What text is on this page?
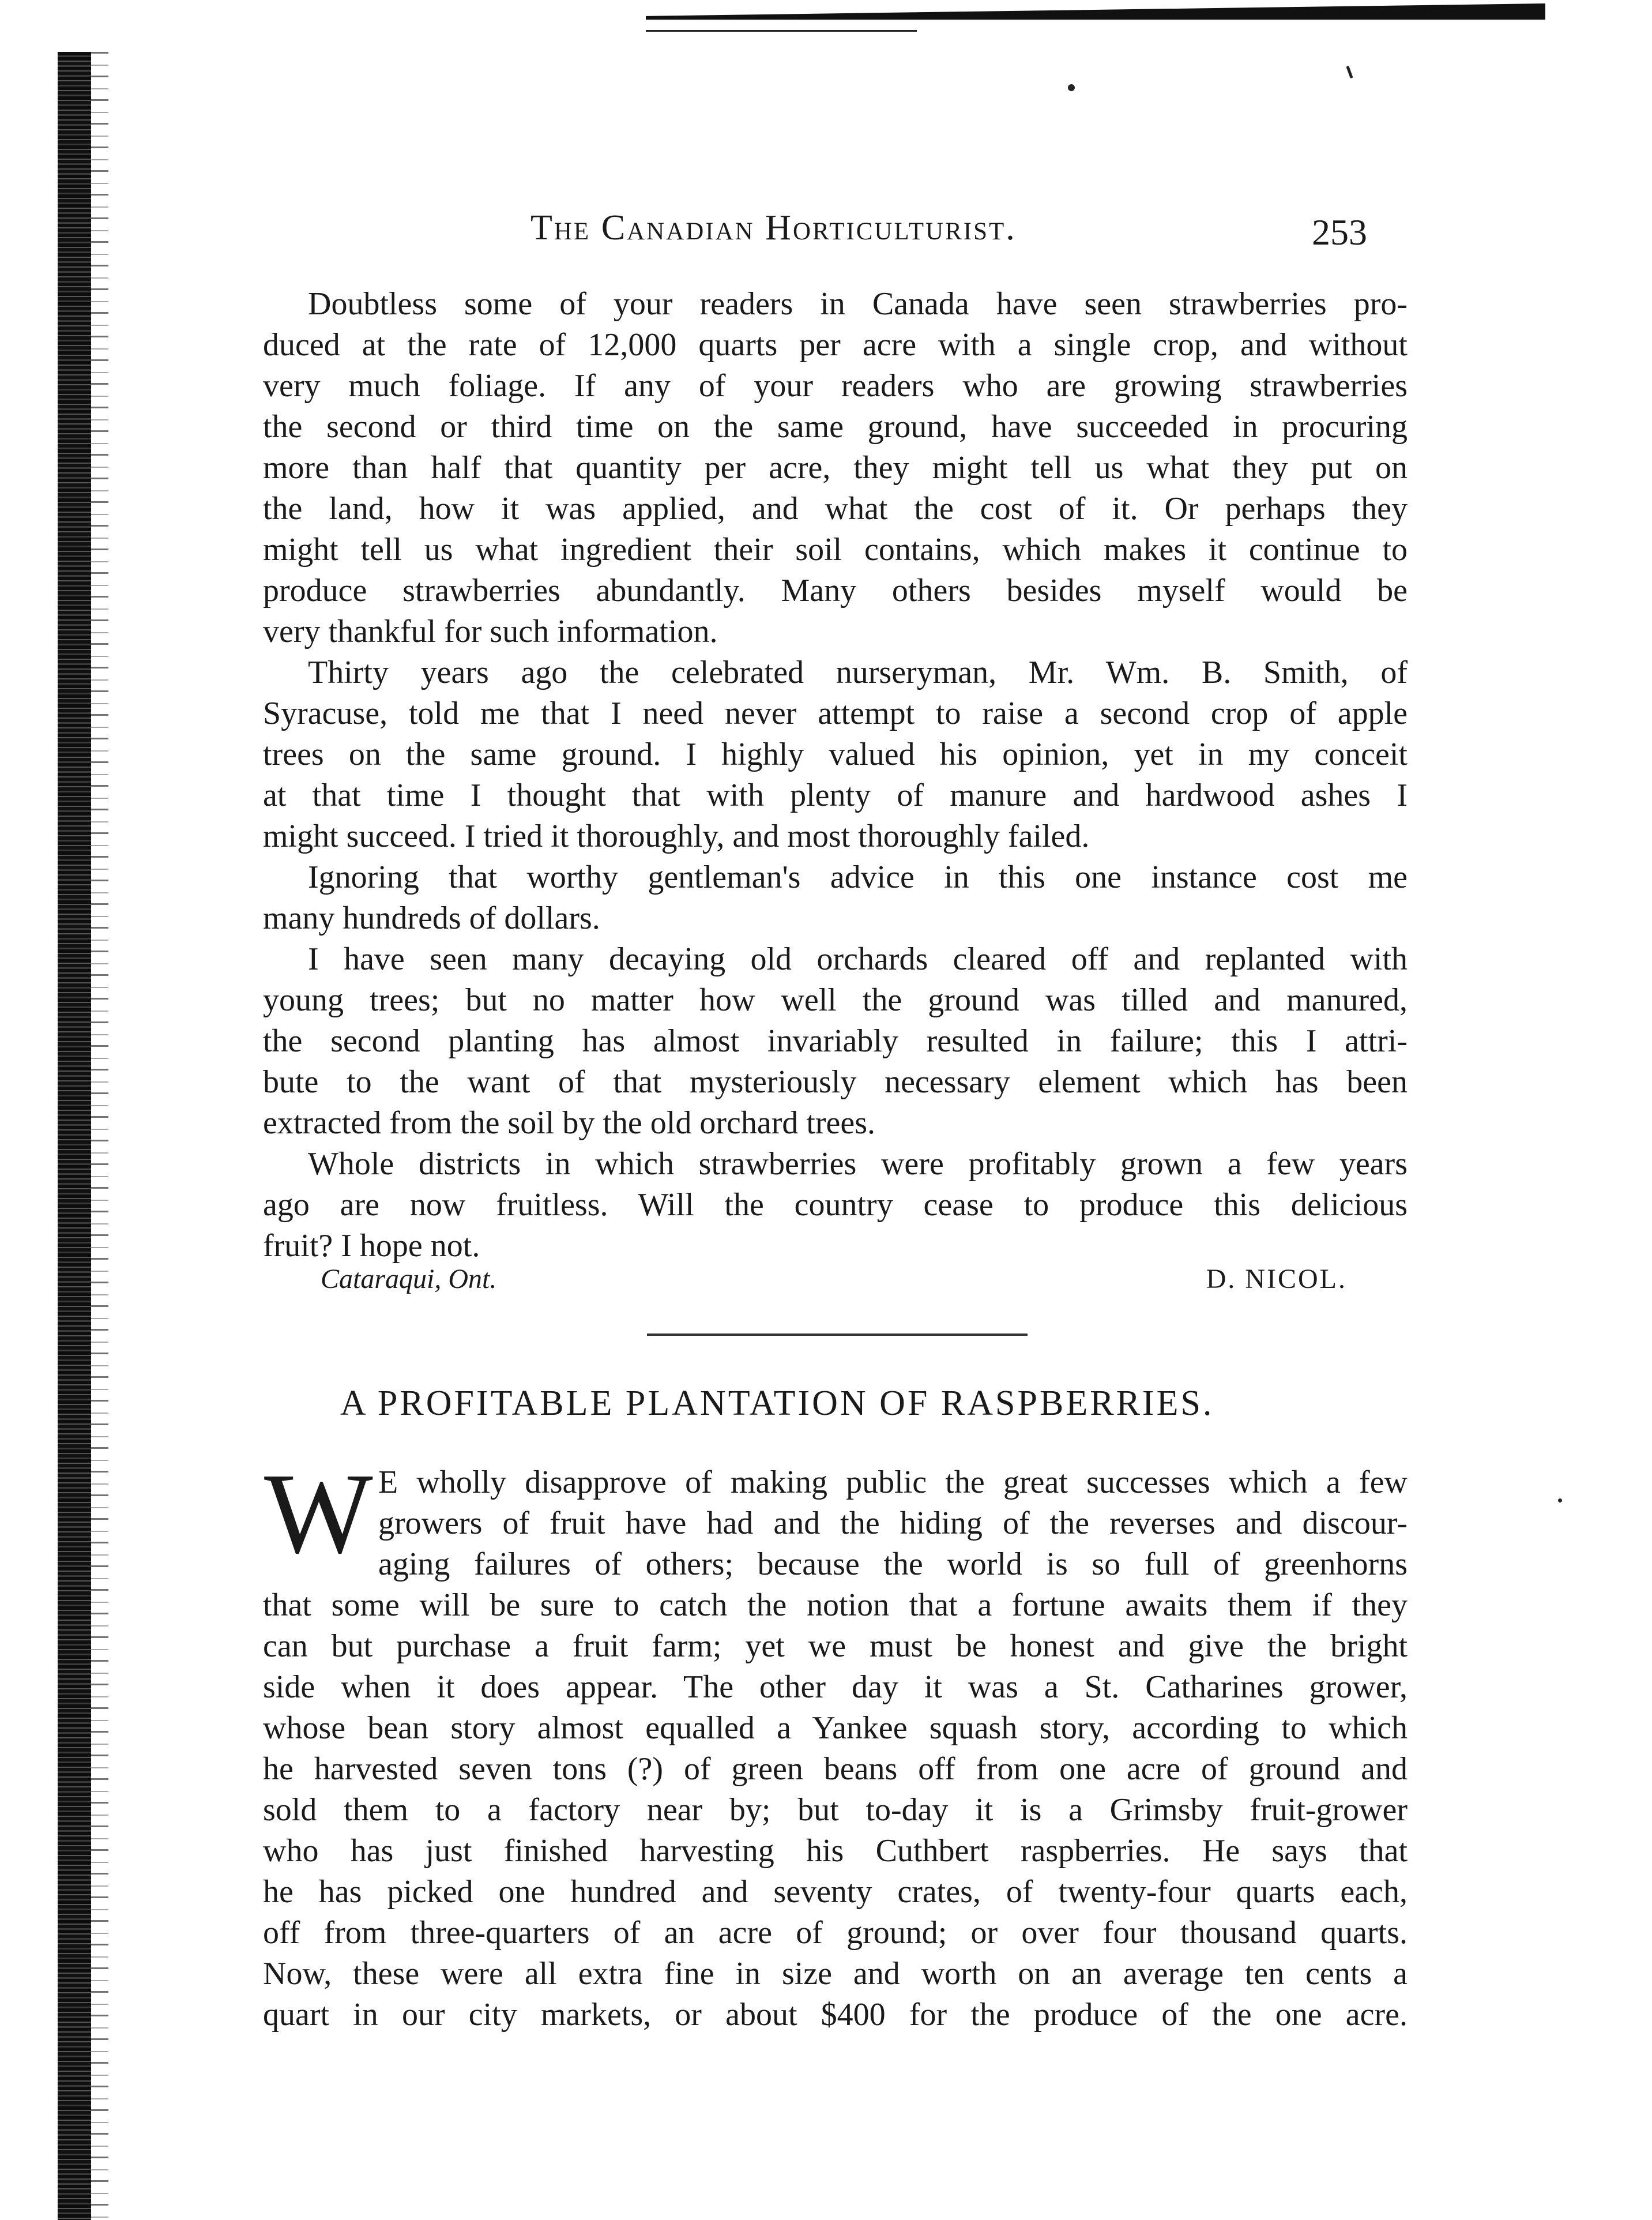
The Canadian Horticulturist.	253
Doubtless some of your readers in Canada have seen strawberries pro-
duced at the rate of 12,000 quarts per acre with a single crop, and without
very much foliage. If any of your readers who are growing strawberries
the second or third time on the same ground, have succeeded in procuring
more than half that quantity per acre, they might tell us what they put on
the land, how it was applied, and what the cost of it. Or perhaps they
might tell us what ingredient their soil contains, which makes it continue to
produce strawberries abundantly. Many others besides myself would be
very thankful for such information.
Thirty years ago the celebrated nurseryman, Mr. Wm. B. Smith, of
Syracuse, told me that I need never attempt to raise a second crop of apple
trees on the same ground. I highly valued his opinion, yet in my conceit
at that time I thought that with plenty of manure and hardwood ashes I
might succeed. I tried it thoroughly, and most thoroughly failed.
Ignoring that worthy gentleman's advice in this one instance cost me
many hundreds of dollars.
I have seen many decaying old orchards cleared off and replanted with
young trees; but no matter how well the ground was tilled and manured,
the second planting has almost invariably resulted in failure; this I attri-
bute to the want of that mysteriously necessary element which has been
extracted from the soil by the old orchard trees.
Whole districts in which strawberries were profitably grown a few years
ago are now fruitless. Will the country cease to produce this delicious
fruit? I hope not.
Cataraqui, Ont.	D. NICOL.
A PROFITABLE PLANTATION OF RASPBERRIES.
W E wholly disapprove of making public the great successes which a few
growers of fruit have had and the hiding of the reverses and discour-
aging failures of others; because the world is so full of greenhorns
that some will be sure to catch the notion that a fortune awaits them if they
can but purchase a fruit farm; yet we must be honest and give the bright
side when it does appear. The other day it was a St. Catharines grower,
whose bean story almost equalled a Yankee squash story, according to which
he harvested seven tons (?) of green beans off from one acre of ground and
sold them to a factory near by; but to-day it is a Grimsby fruit-grower
who has just finished harvesting his Cuthbert raspberries. He says that
he has picked one hundred and seventy crates, of twenty-four quarts each,
off from three-quarters of an acre of ground; or over four thousand quarts.
Now, these were all extra fine in size and worth on an average ten cents a
quart in our city markets, or about $400 for the produce of the one acre.
